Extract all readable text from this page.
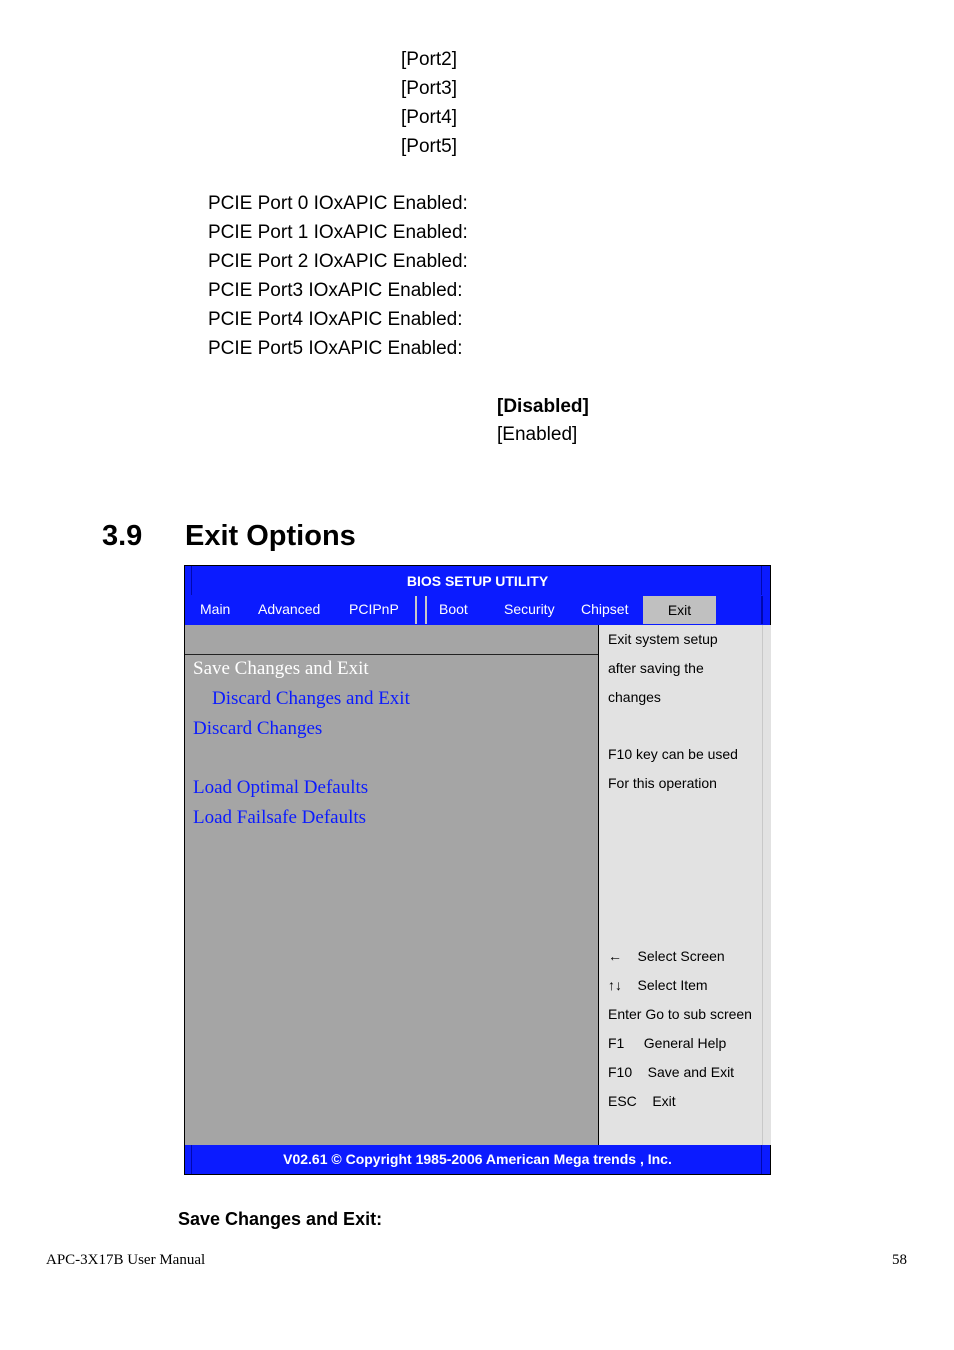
[Port2]
[Port3]
[Port4]
[Port5]
PCIE Port 0 IOxAPIC Enabled:
PCIE Port 1 IOxAPIC Enabled:
PCIE Port 2 IOxAPIC Enabled:
PCIE Port3 IOxAPIC Enabled:
PCIE Port4 IOxAPIC Enabled:
PCIE Port5 IOxAPIC Enabled:
[Disabled]
[Enabled]
3.9 Exit Options
BIOS SETUP UTILITY
Main Advanced PCIPnP	Boot	Security Chipset	Exit
Save Changes and Exit
Discard Changes and Exit
Discard Changes
Load Optimal Defaults
Load Failsafe Defaults
Exit system setup
after saving the
changes
F10 key can be used
For this operation
←    Select Screen
↑↓    Select Item
Enter Go to sub screen
F1     General Help
F10    Save and Exit
ESC    Exit
V02.61 © Copyright 1985-2006 American Mega trends , Inc.
Save Changes and Exit:
APC-3X17B User Manual	58
